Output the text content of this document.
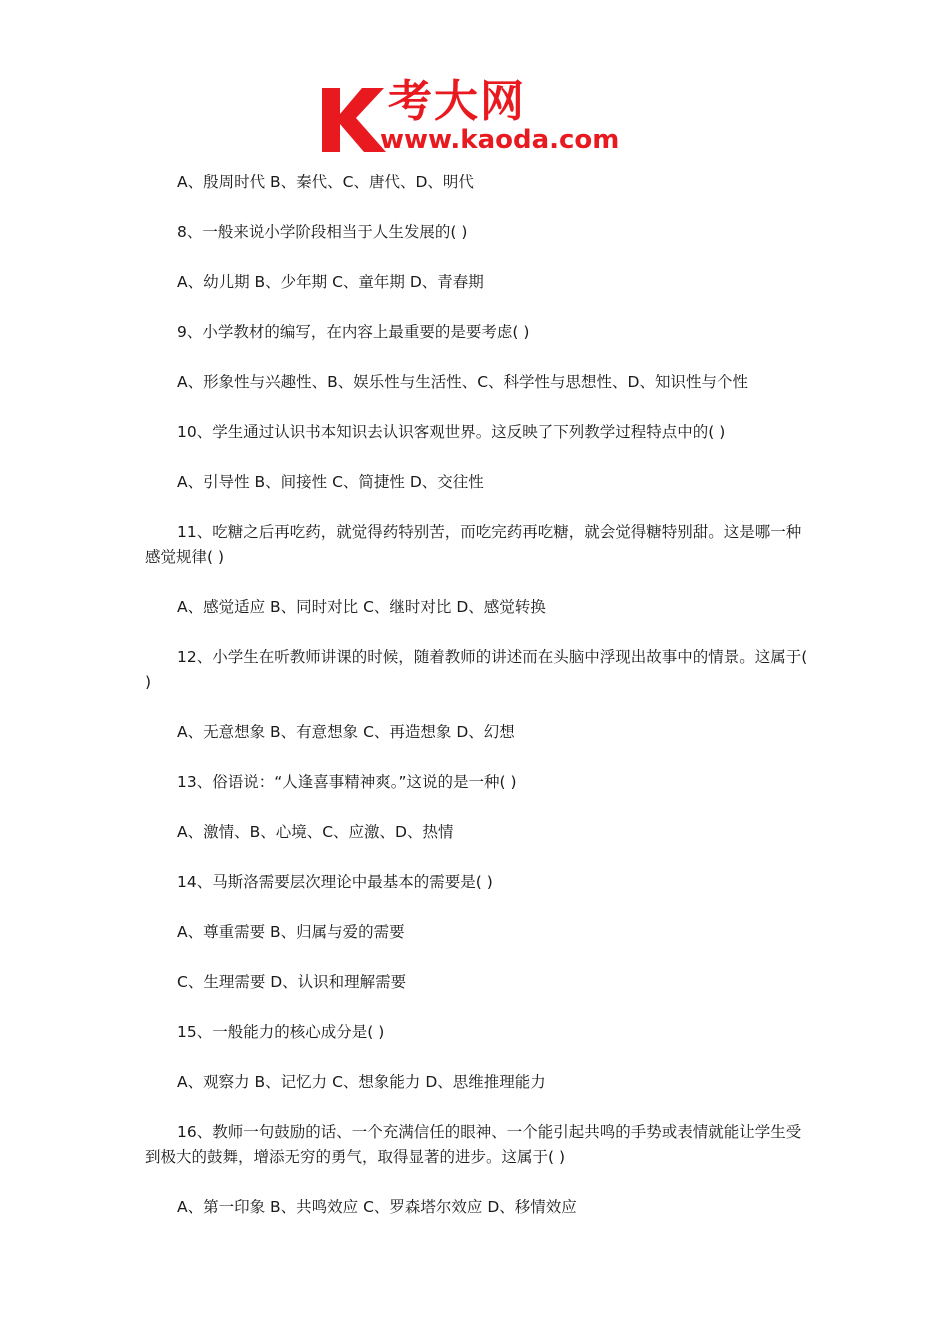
考大网
www.kaoda.com

A、殷周时代 B、秦代、C、唐代、D、明代

8、一般来说小学阶段相当于人生发展的( )

A、幼儿期 B、少年期 C、童年期 D、青春期

9、小学教材的编写，在内容上最重要的是要考虑( )

A、形象性与兴趣性、B、娱乐性与生活性、C、科学性与思想性、D、知识性与个性

10、学生通过认识书本知识去认识客观世界。这反映了下列教学过程特点中的( )

A、引导性 B、间接性 C、简捷性 D、交往性

11、吃糖之后再吃药，就觉得药特别苦，而吃完药再吃糖，就会觉得糖特别甜。这是哪一种感觉规律( )

A、感觉适应 B、同时对比 C、继时对比 D、感觉转换

12、小学生在听教师讲课的时候，随着教师的讲述而在头脑中浮现出故事中的情景。这属于( )

A、无意想象 B、有意想象 C、再造想象 D、幻想

13、俗语说：“人逢喜事精神爽。”这说的是一种( )

A、激情、B、心境、C、应激、D、热情

14、马斯洛需要层次理论中最基本的需要是( )

A、尊重需要 B、归属与爱的需要

C、生理需要 D、认识和理解需要

15、一般能力的核心成分是( )

A、观察力 B、记忆力 C、想象能力 D、思维推理能力

16、教师一句鼓励的话、一个充满信任的眼神、一个能引起共鸣的手势或表情就能让学生受到极大的鼓舞，增添无穷的勇气，取得显著的进步。这属于( )

A、第一印象 B、共鸣效应 C、罗森塔尔效应 D、移情效应
